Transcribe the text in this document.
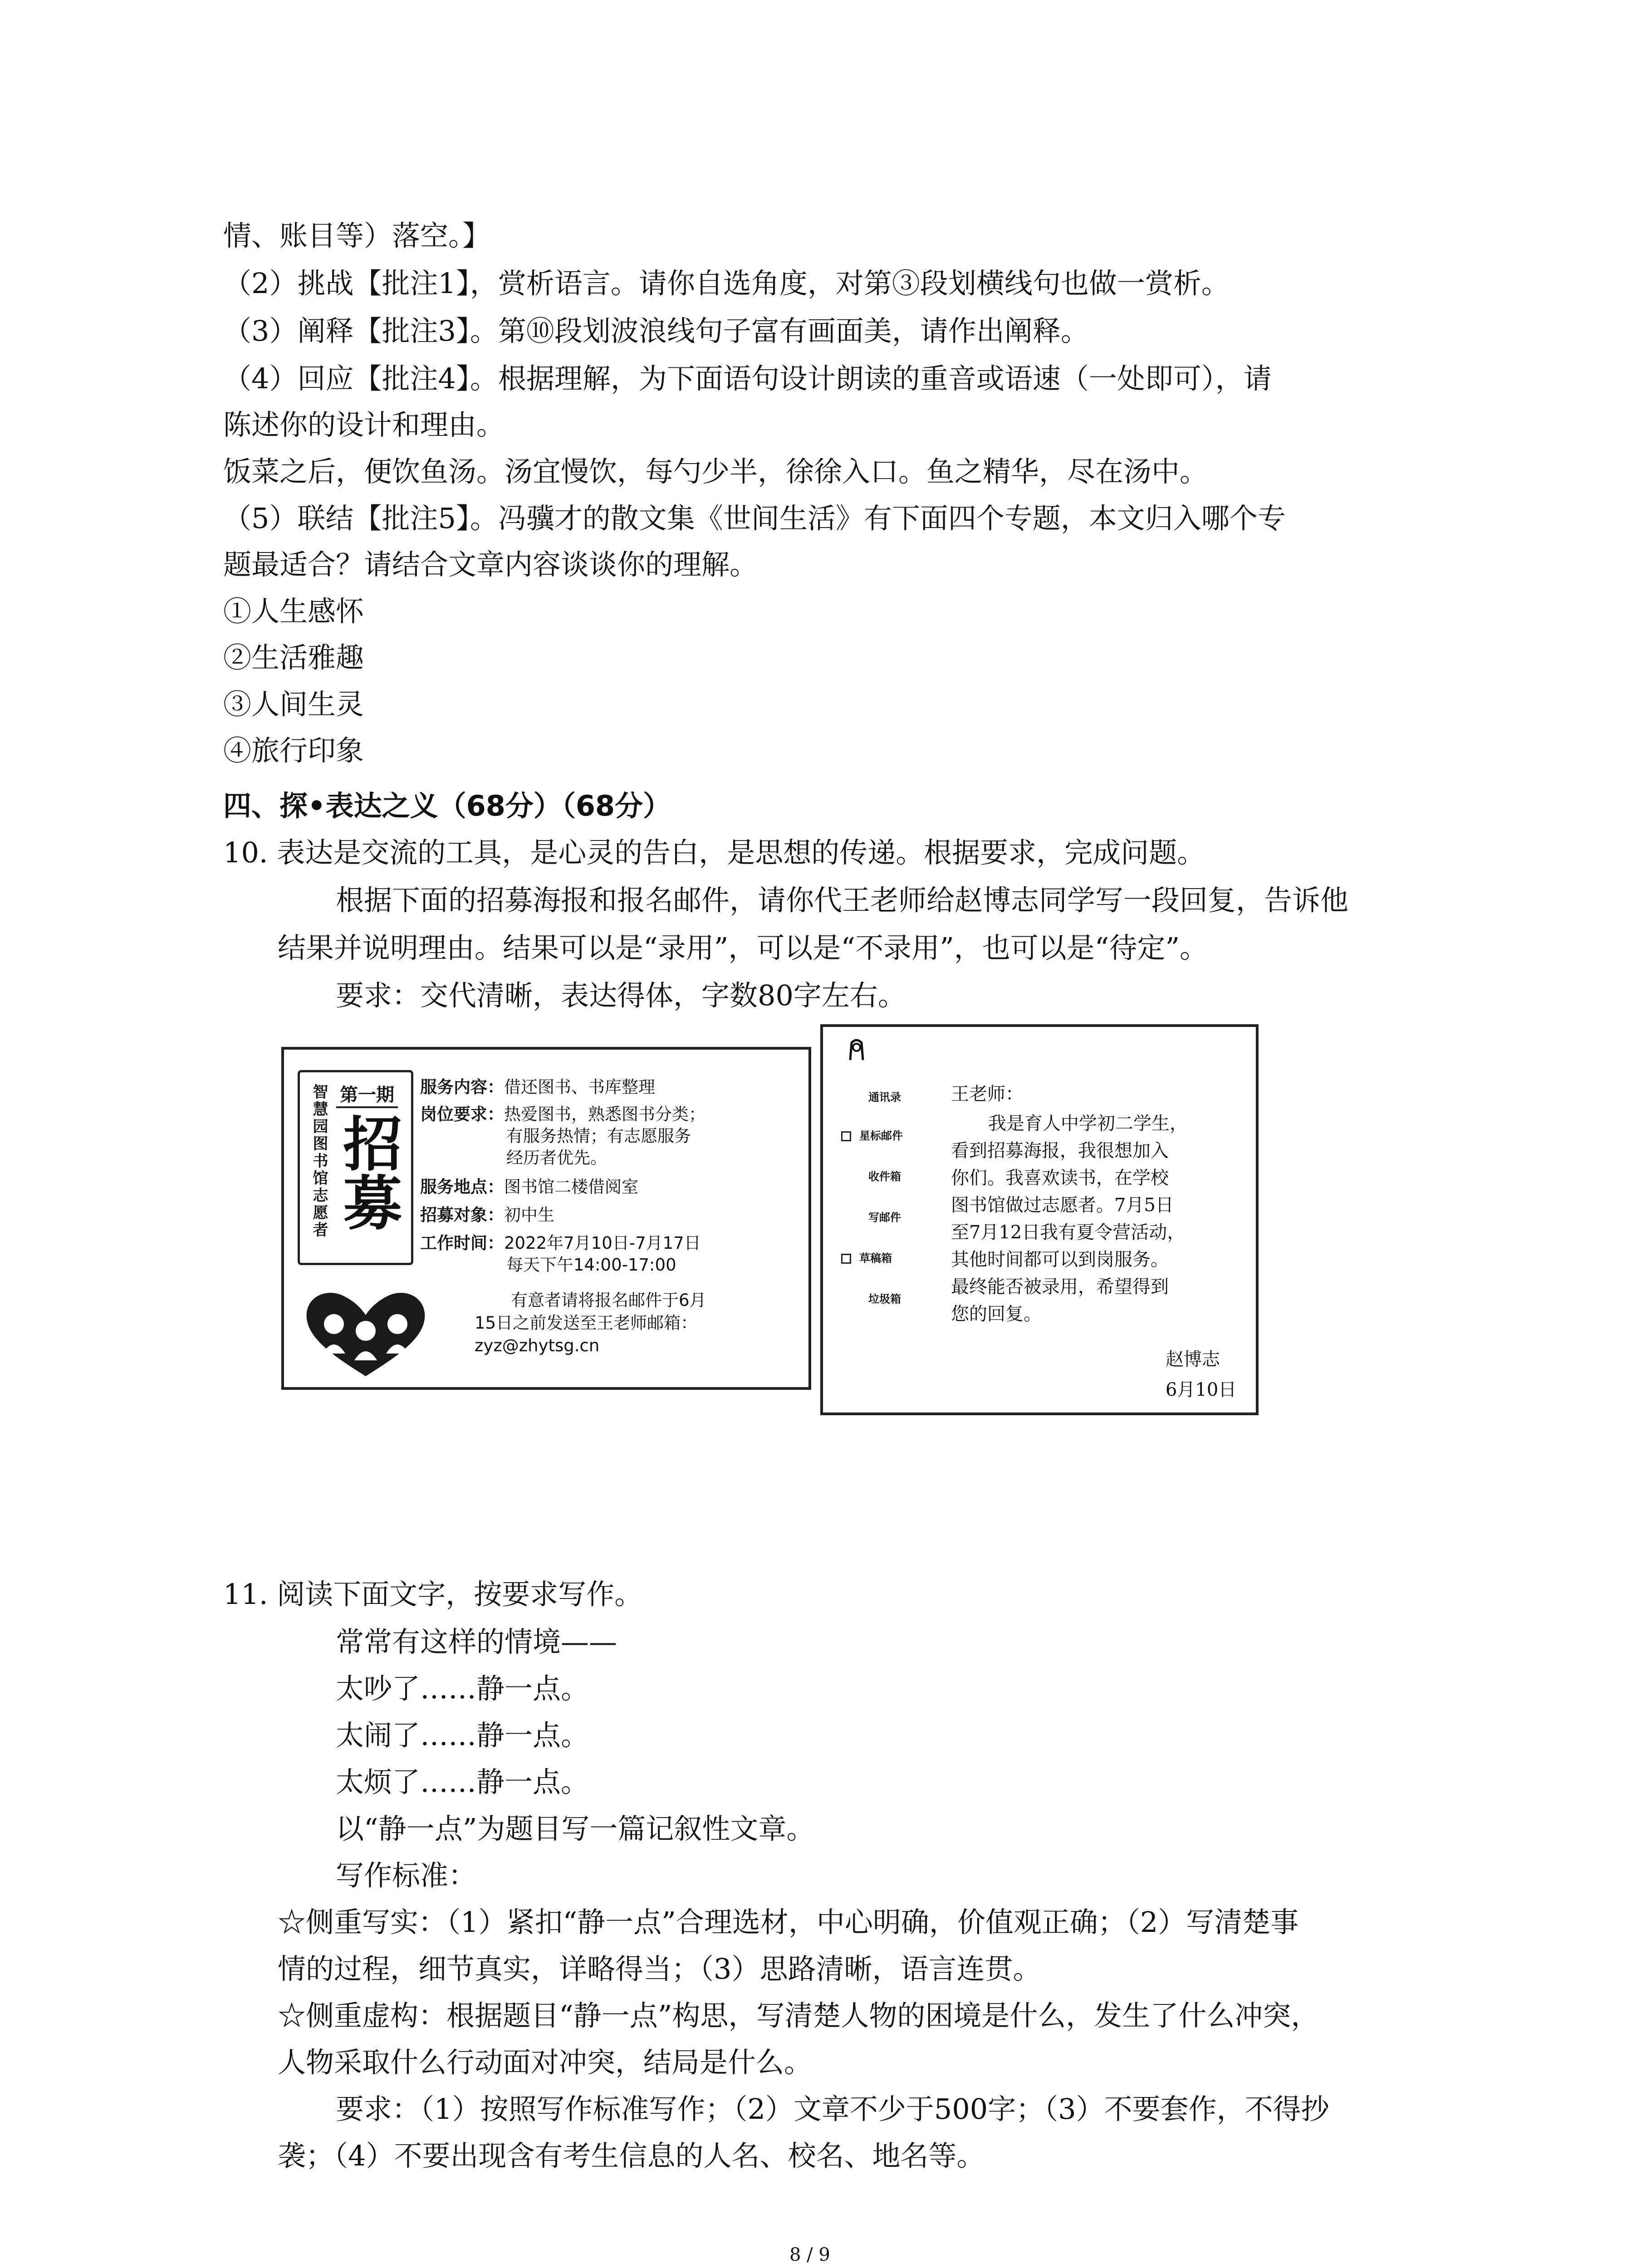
情、账目等）落空。】
（2）挑战【批注1】，赏析语言。请你自选角度，对第③段划横线句也做一赏析。
（3）阐释【批注3】。第⑩段划波浪线句子富有画面美，请作出阐释。
（4）回应【批注4】。根据理解，为下面语句设计朗读的重音或语速（一处即可），请
陈述你的设计和理由。
饭菜之后，便饮鱼汤。汤宜慢饮，每勺少半，徐徐入口。鱼之精华，尽在汤中。
（5）联结【批注5】。冯骥才的散文集《世间生活》有下面四个专题，本文归入哪个专
题最适合？请结合文章内容谈谈你的理解。
①人生感怀
②生活雅趣
③人间生灵
④旅行印象
四、探•表达之义（68分）（68分）
10. 表达是交流的工具，是心灵的告白，是思想的传递。根据要求，完成问题。
根据下面的招募海报和报名邮件，请你代王老师给赵博志同学写一段回复，告诉他
结果并说明理由。结果可以是“录用”，可以是“不录用”，也可以是“待定”。
要求：交代清晰，表达得体，字数80字左右。
智慧园图书馆志愿者 第一期
招募
服务内容：借还图书、书库整理
岗位要求：热爱图书，熟悉图书分类；
有服务热情；有志愿服务
经历者优先。
服务地点：图书馆二楼借阅室
招募对象：初中生
工作时间：2022年7月10日-7月17日
每天下午14:00-17:00
有意者请将报名邮件于6月
15日之前发送至王老师邮箱：
zyz@zhytsg.cn
通讯录
星标邮件
收件箱
写邮件
草稿箱
垃圾箱
王老师：
我是育人中学初二学生，
看到招募海报，我很想加入
你们。我喜欢读书，在学校
图书馆做过志愿者。7月5日
至7月12日我有夏令营活动，
其他时间都可以到岗服务。
最终能否被录用，希望得到
您的回复。
赵博志
6月10日
11. 阅读下面文字，按要求写作。
常常有这样的情境——
太吵了……静一点。
太闹了……静一点。
太烦了……静一点。
以“静一点”为题目写一篇记叙性文章。
写作标准：
☆侧重写实：（1）紧扣“静一点”合理选材，中心明确，价值观正确；（2）写清楚事
情的过程，细节真实，详略得当；（3）思路清晰，语言连贯。
☆侧重虚构：根据题目“静一点”构思，写清楚人物的困境是什么，发生了什么冲突，
人物采取什么行动面对冲突，结局是什么。
要求：（1）按照写作标准写作；（2）文章不少于500字；（3）不要套作，不得抄
袭；（4）不要出现含有考生信息的人名、校名、地名等。
8 / 9
